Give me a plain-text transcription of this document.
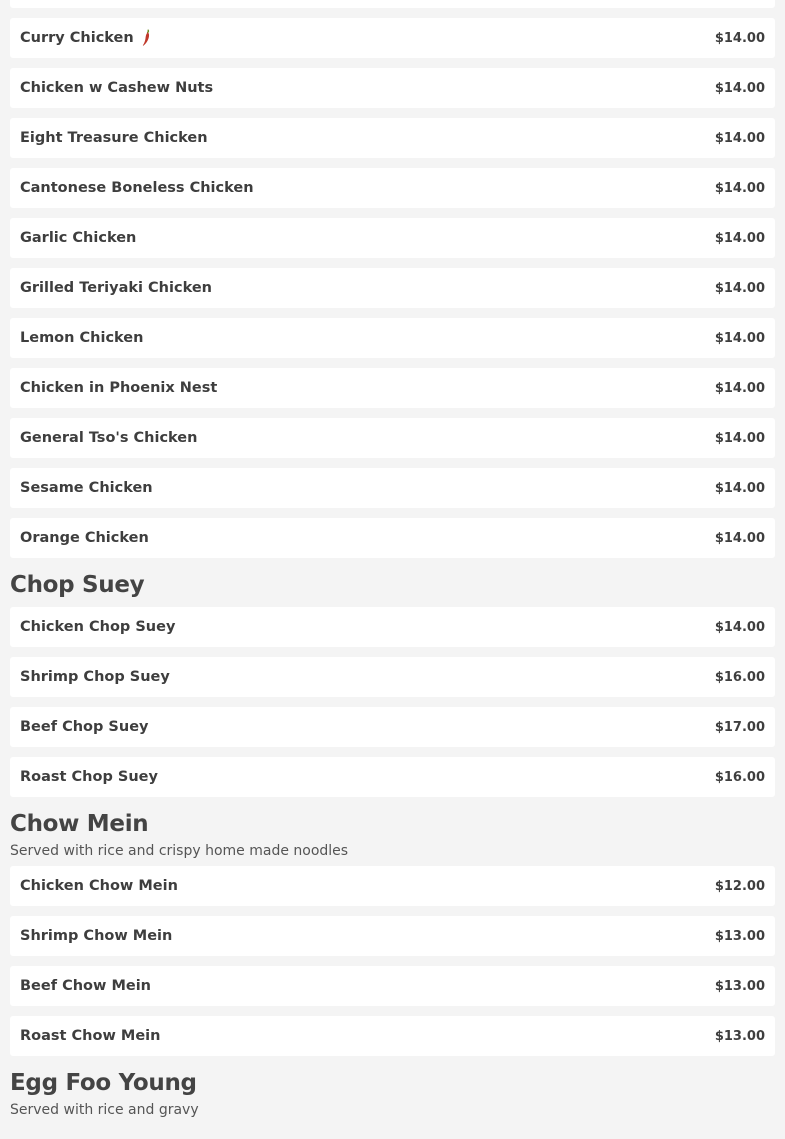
Curry Chicken	$14.00
Chicken w Cashew Nuts	$14.00
Eight Treasure Chicken	$14.00
Cantonese Boneless Chicken	$14.00
Garlic Chicken	$14.00
Grilled Teriyaki Chicken	$14.00
Lemon Chicken	$14.00
Chicken in Phoenix Nest	$14.00
General Tso's Chicken	$14.00
Sesame Chicken	$14.00
Orange Chicken	$14.00
Chop Suey
Chicken Chop Suey	$14.00
Shrimp Chop Suey	$16.00
Beef Chop Suey	$17.00
Roast Chop Suey	$16.00
Chow Mein

Served with rice and crispy home made noodles

Chicken Chow Mein	$12.00
Shrimp Chow Mein	$13.00
Beef Chow Mein	$13.00
Roast Chow Mein	$13.00
Egg Foo Young

Served with rice and gravy
